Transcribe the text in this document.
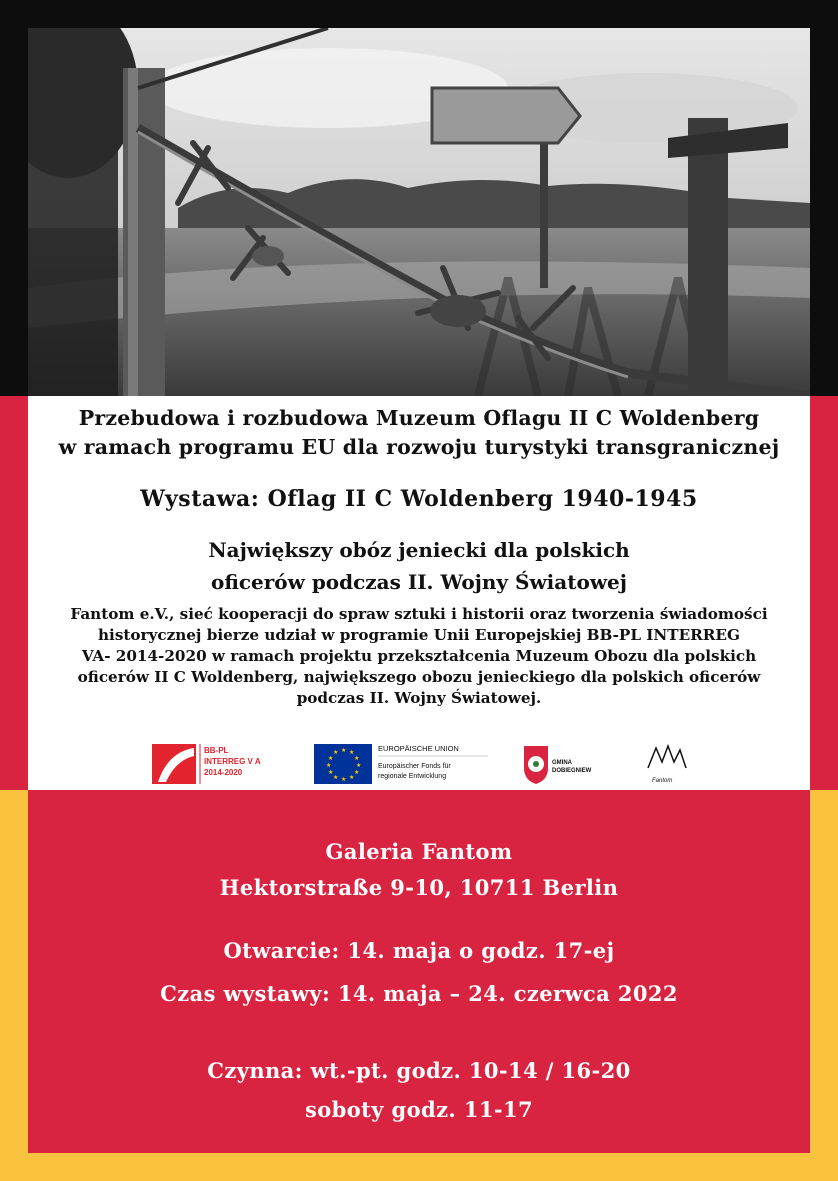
Przebudowa i rozbudowa Muzeum Oflagu II C Woldenberg
w ramach programu EU dla rozwoju turystyki transgranicznej
Wystawa: Oflag II C Woldenberg 1940-1945
Największy obóz jeniecki dla polskich
oficerów podczas II. Wojny Światowej
Fantom e.V., sieć kooperacji do spraw sztuki i historii oraz tworzenia świadomości
historycznej bierze udział w programie Unii Europejskiej BB-PL INTERREG
VA- 2014-2020 w ramach projektu przekształcenia Muzeum Obozu dla polskich
oficerów II C Woldenberg, największego obozu jenieckiego dla polskich oficerów
podczas II. Wojny Światowej.
BB-PL
INTERREG V A
2014-2020
★ ★
★
★
★
★
★
★
★
★
★
★	EUROPÄISCHE UNION
Europäischer Fonds für
regionale Entwicklung
GMINA
DOBIEGNIEW
Fantom
Galeria Fantom
Hektorstraße 9-10, 10711 Berlin
Otwarcie: 14. maja o godz. 17-ej
Czas wystawy: 14. maja – 24. czerwca 2022
Czynna: wt.-pt. godz. 10-14 / 16-20
soboty godz. 11-17
